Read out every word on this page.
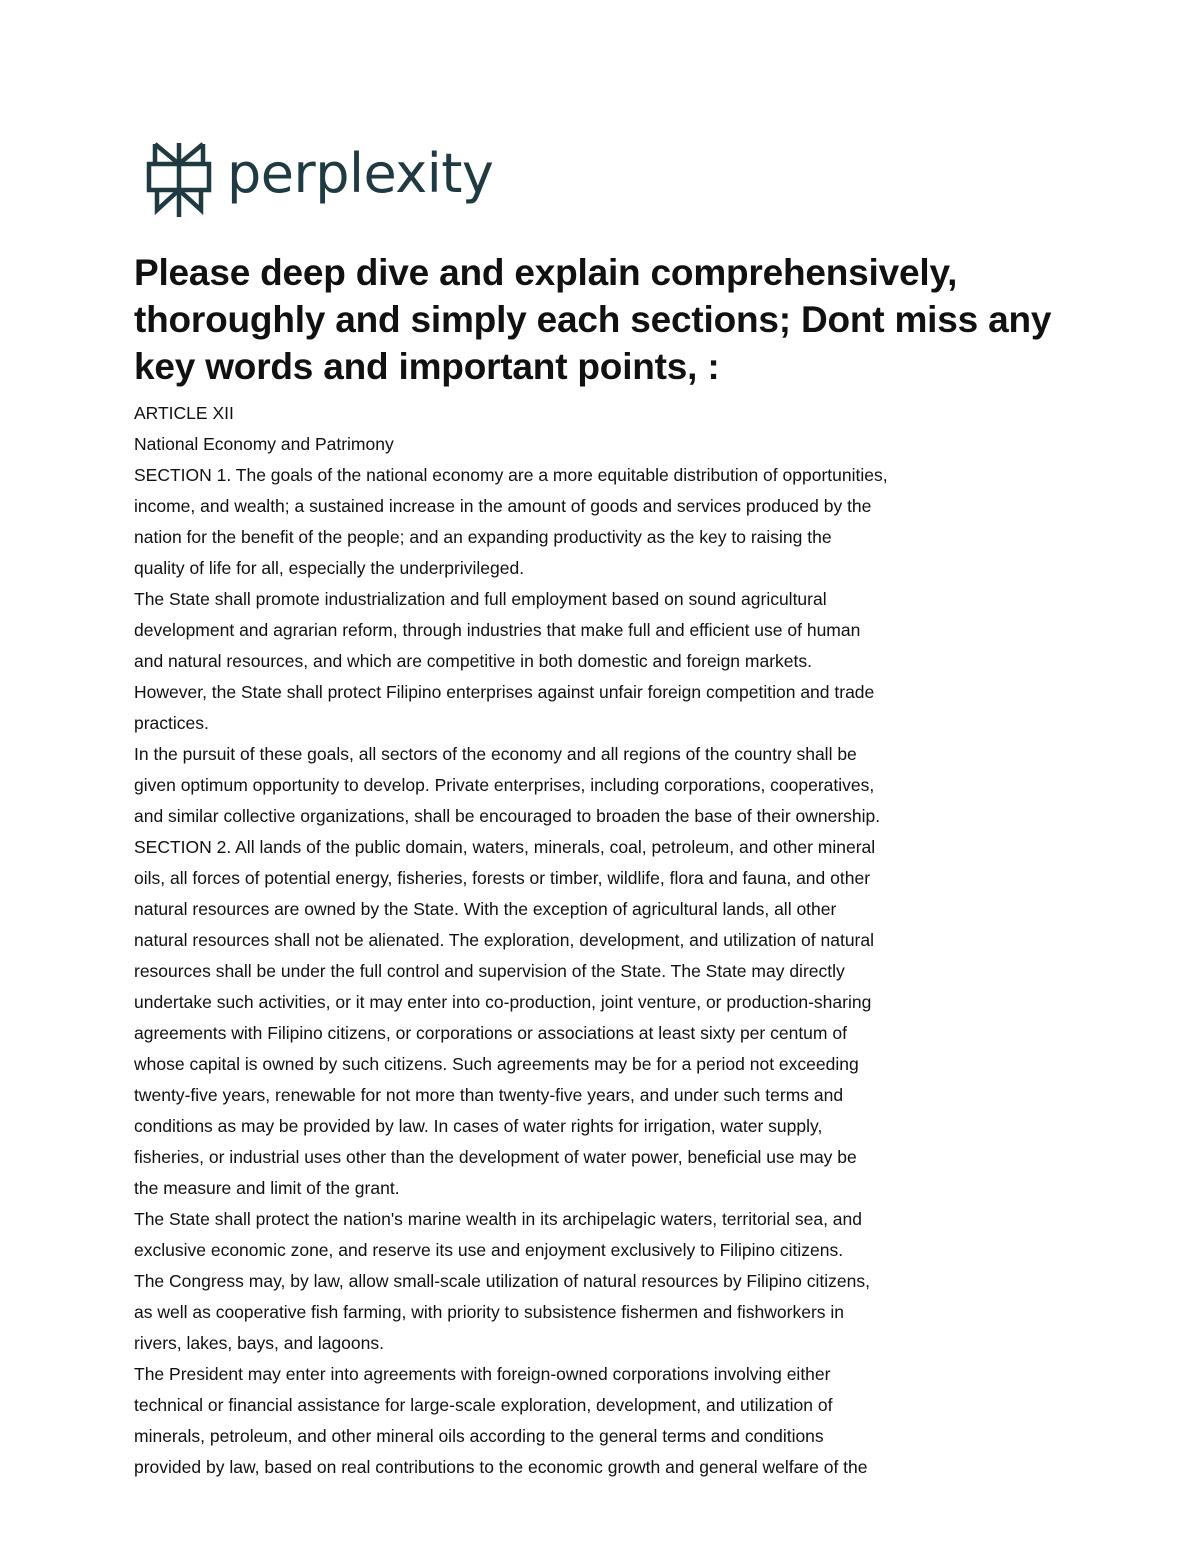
perplexity
Please deep dive and explain comprehensively, thoroughly and simply each sections; Dont miss any key words and important points, :
ARTICLE XII
National Economy and Patrimony
SECTION 1. The goals of the national economy are a more equitable distribution of opportunities,
income, and wealth; a sustained increase in the amount of goods and services produced by the
nation for the benefit of the people; and an expanding productivity as the key to raising the
quality of life for all, especially the underprivileged.
The State shall promote industrialization and full employment based on sound agricultural
development and agrarian reform, through industries that make full and efficient use of human
and natural resources, and which are competitive in both domestic and foreign markets.
However, the State shall protect Filipino enterprises against unfair foreign competition and trade
practices.
In the pursuit of these goals, all sectors of the economy and all regions of the country shall be
given optimum opportunity to develop. Private enterprises, including corporations, cooperatives,
and similar collective organizations, shall be encouraged to broaden the base of their ownership.
SECTION 2. All lands of the public domain, waters, minerals, coal, petroleum, and other mineral
oils, all forces of potential energy, fisheries, forests or timber, wildlife, flora and fauna, and other
natural resources are owned by the State. With the exception of agricultural lands, all other
natural resources shall not be alienated. The exploration, development, and utilization of natural
resources shall be under the full control and supervision of the State. The State may directly
undertake such activities, or it may enter into co-production, joint venture, or production-sharing
agreements with Filipino citizens, or corporations or associations at least sixty per centum of
whose capital is owned by such citizens. Such agreements may be for a period not exceeding
twenty-five years, renewable for not more than twenty-five years, and under such terms and
conditions as may be provided by law. In cases of water rights for irrigation, water supply,
fisheries, or industrial uses other than the development of water power, beneficial use may be
the measure and limit of the grant.
The State shall protect the nation's marine wealth in its archipelagic waters, territorial sea, and
exclusive economic zone, and reserve its use and enjoyment exclusively to Filipino citizens.
The Congress may, by law, allow small-scale utilization of natural resources by Filipino citizens,
as well as cooperative fish farming, with priority to subsistence fishermen and fishworkers in
rivers, lakes, bays, and lagoons.
The President may enter into agreements with foreign-owned corporations involving either
technical or financial assistance for large-scale exploration, development, and utilization of
minerals, petroleum, and other mineral oils according to the general terms and conditions
provided by law, based on real contributions to the economic growth and general welfare of the
